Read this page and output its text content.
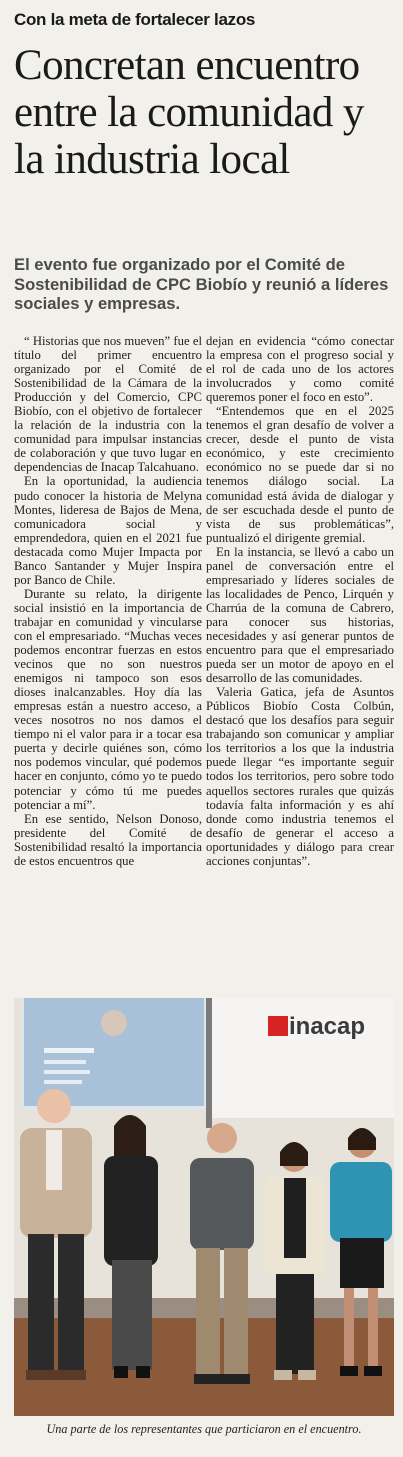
Con la meta de fortalecer lazos
Concretan encuentro entre la comunidad y la industria local
El evento fue organizado por el Comité de Sostenibilidad de CPC Biobío y reunió a líderes sociales y empresas.

“ Historias que nos mueven” fue el título del primer encuentro organizado por el Comité de Sostenibilidad de la Cámara de la Producción y del Comercio, CPC Biobío, con el objetivo de fortalecer la relación de la industria con la comunidad para impulsar instancias de colaboración y que tuvo lugar en dependencias de Inacap Talcahuano.

En la oportunidad, la audiencia pudo conocer la historia de Melyna Montes, lideresa de Bajos de Mena, comunicadora social y emprendedora, quien en el 2021 fue destacada como Mujer Impacta por Banco Santander y Mujer Inspira por Banco de Chile.

Durante su relato, la dirigente social insistió en la importancia de trabajar en comunidad y vincularse con el empresariado. “Muchas veces podemos encontrar fuerzas en estos vecinos que no son nuestros enemigos ni tampoco son esos dioses inalcanzables. Hoy día las empresas están a nuestro acceso, a veces nosotros no nos damos el tiempo ni el valor para ir a tocar esa puerta y decirle quiénes son, cómo nos podemos vincular, qué podemos hacer en conjunto, cómo yo te puedo potenciar y cómo tú me puedes potenciar a mí”.

En ese sentido, Nelson Donoso, presidente del Comité de Sostenibilidad resaltó la importancia de estos encuentros que

dejan en evidencia “cómo conectar la empresa con el progreso social y el rol de cada uno de los actores involucrados y como comité queremos poner el foco en esto”.

“Entendemos que en el 2025 tenemos el gran desafío de volver a crecer, desde el punto de vista económico, y este crecimiento económico no se puede dar si no tenemos diálogo social. La comunidad está ávida de dialogar y de ser escuchada desde el punto de vista de sus problemáticas”, puntualizó el dirigente gremial.

En la instancia, se llevó a cabo un panel de conversación entre el empresariado y líderes sociales de las localidades de Penco, Lirquén y Charrúa de la comuna de Cabrero, para conocer sus historias, necesidades y así generar puntos de encuentro para que el empresariado pueda ser un motor de apoyo en el desarrollo de las comunidades.

Valeria Gatica, jefa de Asuntos Públicos Biobío Costa Colbún, destacó que los desafíos para seguir trabajando son comunicar y ampliar los territorios a los que la industria puede llegar “es importante seguir todos los territorios, pero sobre todo aquellos sectores rurales que quizás todavía falta información y es ahí donde como industria tenemos el desafío de generar el acceso a oportunidades y diálogo para crear acciones conjuntas”.

inacap
Una parte de los representantes que particiaron en el encuentro.
